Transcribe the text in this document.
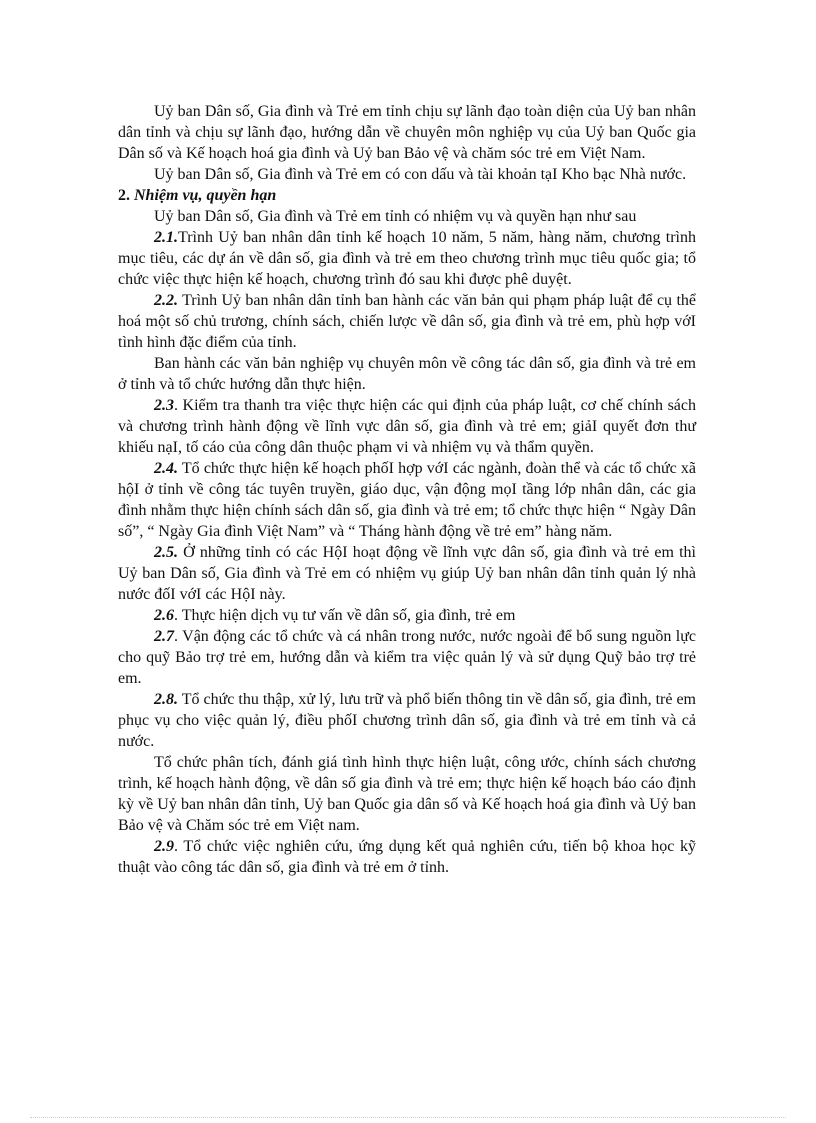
Uỷ ban Dân số, Gia đình và Trẻ em tỉnh chịu sự lãnh đạo toàn diện của Uỷ ban nhân dân tỉnh và chịu sự lãnh đạo, hướng dẫn về chuyên môn nghiệp vụ của Uỷ ban Quốc gia Dân số và Kế hoạch hoá gia đình và Uỷ ban Bảo vệ và chăm sóc trẻ em Việt Nam.

Uỷ ban Dân số, Gia đình và Trẻ em có con dấu và tài khoản tạI Kho bạc Nhà nước.

2. Nhiệm vụ, quyền hạn

Uỷ ban Dân số, Gia đình và Trẻ em tỉnh có nhiệm vụ và quyền hạn như sau

2.1.Trình Uỷ ban nhân dân tỉnh kế hoạch 10 năm, 5 năm, hàng năm, chương trình mục tiêu, các dự án về dân số, gia đình và trẻ em theo chương trình mục tiêu quốc gia; tổ chức việc thực hiện kế hoạch, chương trình đó sau khi được phê duyệt.

2.2. Trình Uỷ ban nhân dân tỉnh ban hành các văn bản qui phạm pháp luật để cụ thể hoá một số chủ trương, chính sách, chiến lược về dân số, gia đình và trẻ em, phù hợp vớI tình hình đặc điểm của tỉnh.

Ban hành các văn bản nghiệp vụ chuyên môn về công tác dân số, gia đình và trẻ em ở tỉnh và tổ chức hướng dẫn thực hiện.

2.3. Kiểm tra thanh tra việc thực hiện các qui định của pháp luật, cơ chế chính sách và chương trình hành động về lĩnh vực dân số, gia đình và trẻ em; giảI quyết đơn thư khiếu nạI, tố cáo của công dân thuộc phạm vi và nhiệm vụ và thẩm quyền.

2.4. Tổ chức thực hiện kế hoạch phốI hợp vớI các ngành, đoàn thể và các tổ chức xã hộI ở tỉnh về công tác tuyên truyền, giáo dục, vận động mọI tầng lớp nhân dân, các gia đình nhằm thực hiện chính sách dân số, gia đình và trẻ em; tổ chức thực hiện “ Ngày Dân số”, “ Ngày Gia đình Việt Nam” và “ Tháng hành động về trẻ em” hàng năm.

2.5. Ở những tỉnh có các HộI hoạt động về lĩnh vực dân số, gia đình và trẻ em thì Uỷ ban Dân số, Gia đình và Trẻ em có nhiệm vụ giúp Uỷ ban nhân dân tỉnh quản lý nhà nước đốI vớI các HộI này.

2.6. Thực hiện dịch vụ tư vấn về dân số, gia đình, trẻ em

2.7. Vận động các tổ chức và cá nhân trong nước, nước ngoài để bổ sung nguồn lực cho quỹ Bảo trợ trẻ em, hướng dẫn và kiểm tra việc quản lý và sử dụng Quỹ bảo trợ trẻ em.

2.8. Tổ chức thu thập, xử lý, lưu trữ và phổ biến thông tin về dân số, gia đình, trẻ em phục vụ cho việc quản lý, điều phốI chương trình dân số, gia đình và trẻ em tỉnh và cả nước.

Tổ chức phân tích, đánh giá tình hình thực hiện luật, công ước, chính sách chương trình, kế hoạch hành động, về dân số gia đình và trẻ em; thực hiện kế hoạch báo cáo định kỳ về Uỷ ban nhân dân tỉnh, Uỷ ban Quốc gia dân số và Kế hoạch hoá gia đình và Uỷ ban Bảo vệ và Chăm sóc trẻ em Việt nam.

2.9. Tổ chức việc nghiên cứu, ứng dụng kết quả nghiên cứu, tiến bộ khoa học kỹ thuật vào công tác dân số, gia đình và trẻ em ở tỉnh.
